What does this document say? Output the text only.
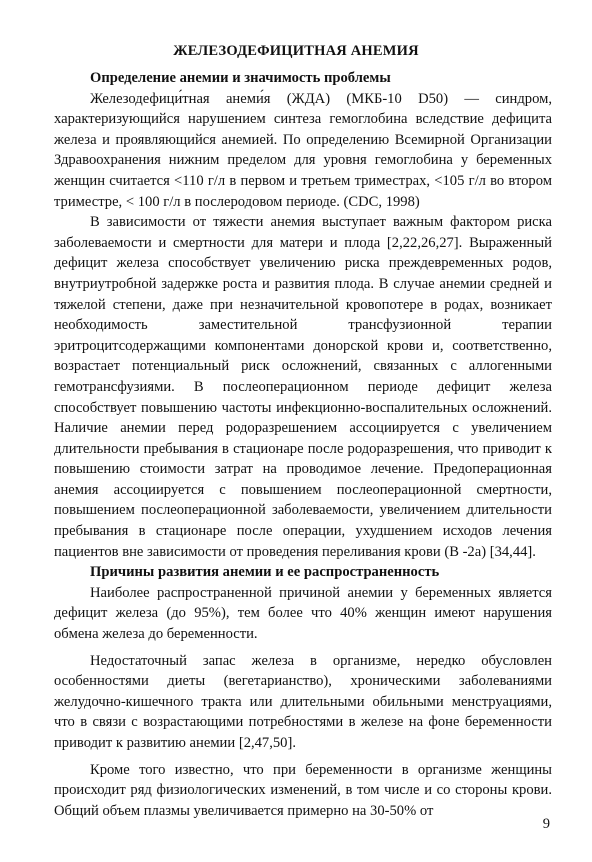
ЖЕЛЕЗОДЕФИЦИТНАЯ АНЕМИЯ
Определение анемии и значимость проблемы

Железодефици́тная анеми́я (ЖДА) (МКБ-10 D50) — синдром, характеризующийся нарушением синтеза гемоглобина вследствие дефицита железа и проявляющийся анемией. По определению Всемирной Организации Здравоохранения нижним пределом для уровня гемоглобина у беременных женщин считается <110 г/л в первом и третьем триместрах, <105 г/л во втором триместре, < 100 г/л в послеродовом периоде. (CDC, 1998)

В зависимости от тяжести анемия выступает важным фактором риска заболеваемости и смертности для матери и плода [2,22,26,27]. Выраженный дефицит железа способствует увеличению риска преждевременных родов, внутриутробной задержке роста и развития плода. В случае анемии средней и тяжелой степени, даже при незначительной кровопотере в родах, возникает необходимость заместительной трансфузионной терапии эритроцитсодержащими компонентами донорской крови и, соответственно, возрастает потенциальный риск осложнений, связанных с аллогенными гемотрансфузиями. В послеоперационном периоде дефицит железа способствует повышению частоты инфекционно-воспалительных осложнений. Наличие анемии перед родоразрешением ассоциируется с увеличением длительности пребывания в стационаре после родоразрешения, что приводит к повышению стоимости затрат на проводимое лечение. Предоперационная анемия ассоциируется с повышением послеоперационной смертности, повышением послеоперационной заболеваемости, увеличением длительности пребывания в стационаре после операции, ухудшением исходов лечения пациентов вне зависимости от проведения переливания крови (В -2а) [34,44].

Причины развития анемии и ее распространенность

Наиболее распространенной причиной анемии у беременных является дефицит железа (до 95%), тем более что 40% женщин имеют нарушения обмена железа до беременности.

Недостаточный запас железа в организме, нередко обусловлен особенностями диеты (вегетарианство), хроническими заболеваниями желудочно-кишечного тракта или длительными обильными менструациями, что в связи с возрастающими потребностями в железе на фоне беременности приводит к развитию анемии [2,47,50].

Кроме того известно, что при беременности в организме женщины происходит ряд физиологических изменений, в том числе и со стороны крови. Общий объем плазмы увеличивается примерно на 30-50% от

9
